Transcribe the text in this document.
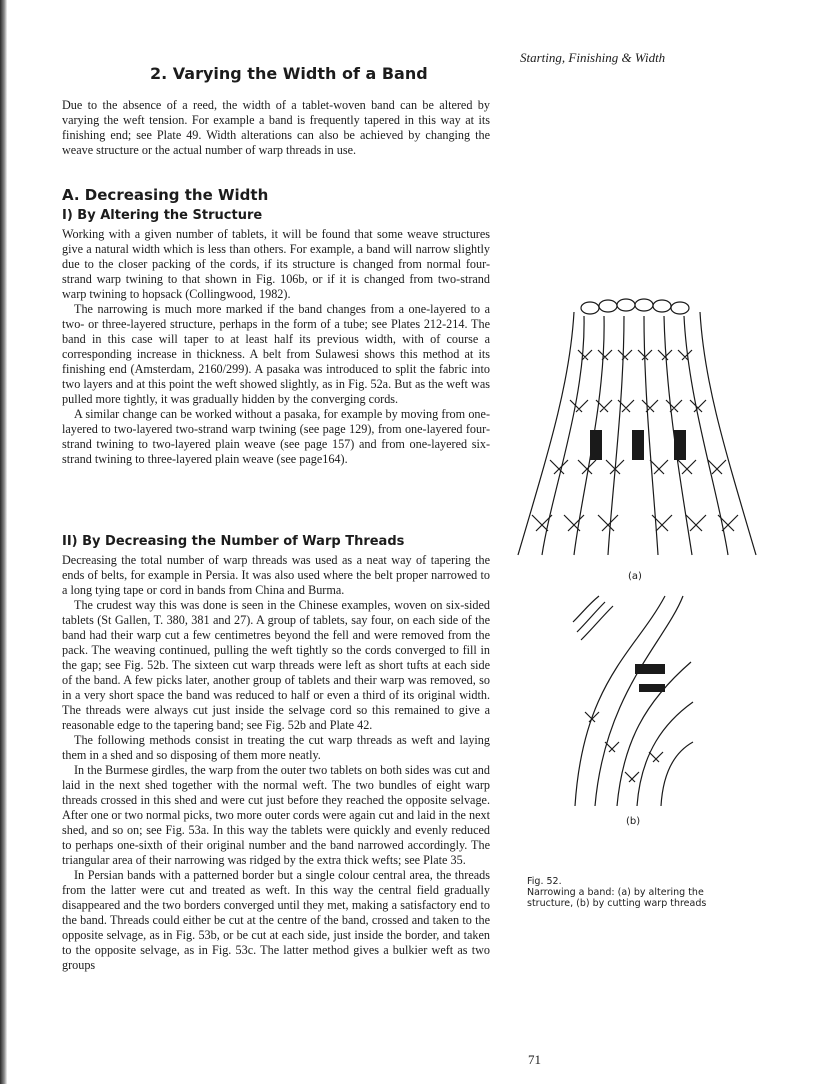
Starting, Finishing & Width
2. Varying the Width of a Band

Due to the absence of a reed, the width of a tablet-woven band can be altered by varying the weft tension. For example a band is frequently tapered in this way at its finishing end; see Plate 49. Width alterations can also be achieved by changing the weave structure or the actual number of warp threads in use.

A. Decreasing the Width
I) By Altering the Structure

Working with a given number of tablets, it will be found that some weave structures give a natural width which is less than others. For example, a band will narrow slightly due to the closer packing of the cords, if its structure is changed from normal four-strand warp twining to that shown in Fig. 106b, or if it is changed from two-strand warp twining to hopsack (Collingwood, 1982).

The narrowing is much more marked if the band changes from a one-layered to a two- or three-layered structure, perhaps in the form of a tube; see Plates 212-214. The band in this case will taper to at least half its previous width, with of course a corresponding increase in thickness. A belt from Sulawesi shows this method at its finishing end (Amsterdam, 2160/299). A pasaka was introduced to split the fabric into two layers and at this point the weft showed slightly, as in Fig. 52a. But as the weft was pulled more tightly, it was gradually hidden by the converging cords.

A similar change can be worked without a pasaka, for example by moving from one-layered to two-layered two-strand warp twining (see page 129), from one-layered four-strand twining to two-layered plain weave (see page 157) and from one-layered six-strand twining to three-layered plain weave (see page164).

II) By Decreasing the Number of Warp Threads

Decreasing the total number of warp threads was used as a neat way of tapering the ends of belts, for example in Persia. It was also used where the belt proper narrowed to a long tying tape or cord in bands from China and Burma.

The crudest way this was done is seen in the Chinese examples, woven on six-sided tablets (St Gallen, T. 380, 381 and 27). A group of tablets, say four, on each side of the band had their warp cut a few centimetres beyond the fell and were removed from the pack. The weaving continued, pulling the weft tightly so the cords converged to fill in the gap; see Fig. 52b. The sixteen cut warp threads were left as short tufts at each side of the band. A few picks later, another group of tablets and their warp was removed, so in a very short space the band was reduced to half or even a third of its original width. The threads were always cut just inside the selvage cord so this remained to give a reasonable edge to the tapering band; see Fig. 52b and Plate 42.

The following methods consist in treating the cut warp threads as weft and laying them in a shed and so disposing of them more neatly.

In the Burmese girdles, the warp from the outer two tablets on both sides was cut and laid in the next shed together with the normal weft. The two bundles of eight warp threads crossed in this shed and were cut just before they reached the opposite selvage. After one or two normal picks, two more outer cords were again cut and laid in the next shed, and so on; see Fig. 53a. In this way the tablets were quickly and evenly reduced to perhaps one-sixth of their original number and the band narrowed accordingly. The triangular area of their narrowing was ridged by the extra thick wefts; see Plate 35.

In Persian bands with a patterned border but a single colour central area, the threads from the latter were cut and treated as weft. In this way the central field gradually disappeared and the two borders converged until they met, making a satisfactory end to the band. Threads could either be cut at the centre of the band, crossed and taken to the opposite selvage, as in Fig. 53b, or be cut at each side, just inside the border, and taken to the opposite selvage, as in Fig. 53c. The latter method gives a bulkier weft as two groups

(a)
(b)
Fig. 52.
Narrowing a band: (a) by altering the structure, (b) by cutting warp threads
71
